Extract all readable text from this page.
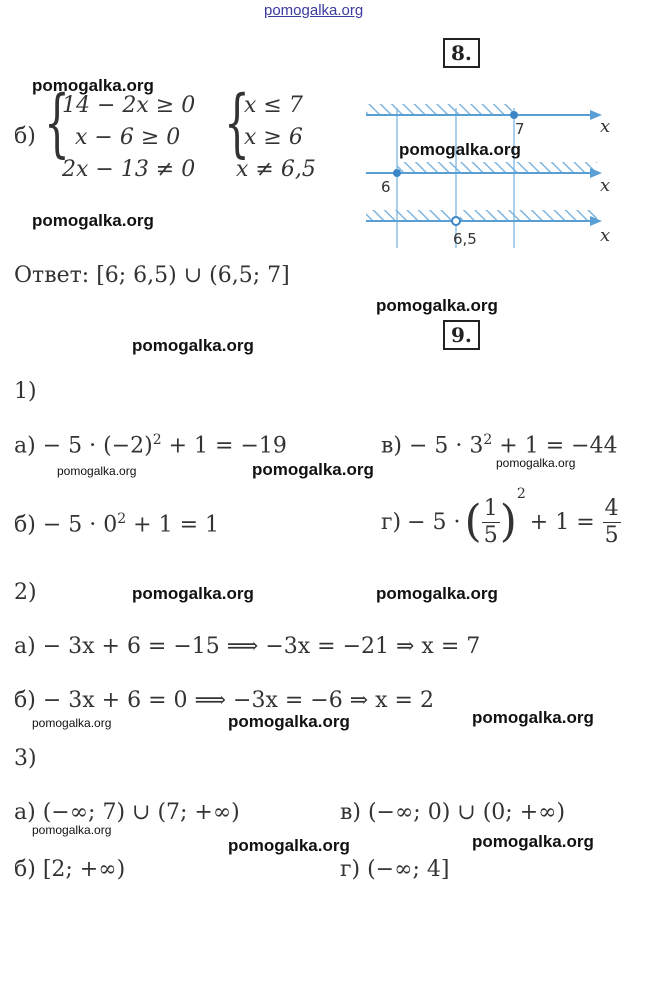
pomogalka.org
8.
pomogalka.org
б) {
14 − 2x ≥ 0
x − 6 ≥ 0
2x − 13 ≠ 0
{
x ≤ 7
x ≥ 6
x ≠ 6,5
x
x
x
7
6
6,5
pomogalka.org
pomogalka.org
Ответ: [6; 6,5) ∪ (6,5; 7]
pomogalka.org
9.
pomogalka.org
1)
$а) - 5 \cdot (-2)^2 + 1 = -19$	$в) - 5 \cdot 3^2 + 1 = -44$
pomogalka.org	pomogalka.org	pomogalka.org
$б) - 5 \cdot 0^2 + 1 = 1$	г) − 5 · ( $\frac{1}{5}$ )
$^2$
+ $1 = \frac{4}{5}$
2)	pomogalka.org	pomogalka.org
а) − 3x + 6 = −15 ⟹ −3x = −21 ⇒ x = 7
б) − 3x + 6 = 0 ⟹ −3x = −6 ⇒ x = 2
pomogalka.org	pomogalka.org	pomogalka.org
3)
а) (−∞; 7) ∪ (7; +∞)	в) (−∞; 0) ∪ (0; +∞)
pomogalka.org
pomogalka.org	pomogalka.org
б) [2; +∞)	г) (−∞; 4]
